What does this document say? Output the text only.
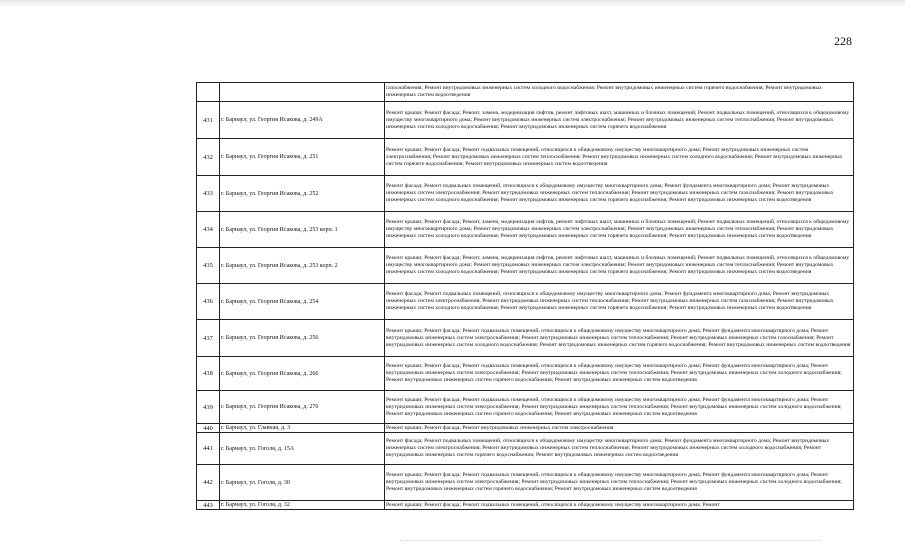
228
		газоснабжения; Ремонт внутридомовых инженерных систем холодного водоснабжения; Ремонт внутридомовых инженерных систем горячего водоснабжения; Ремонт внутридомовых инженерных систем водоотведения
431	г. Барнаул, ул. Георгия Исакова, д. 249А	Ремонт крыши; Ремонт фасада; Ремонт, замена, модернизация лифтов, ремонт лифтовых шахт, машинных и блочных помещений; Ремонт подвальных помещений, относящихся к общедомовому имуществу многоквартирного дома; Ремонт внутридомовых инженерных систем электроснабжения; Ремонт внутридомовых инженерных систем теплоснабжения; Ремонт внутридомовых инженерных систем холодного водоснабжения; Ремонт внутридомовых инженерных систем горячего водоснабжения
432	г. Барнаул, ул. Георгия Исакова, д. 251	Ремонт крыши; Ремонт фасада; Ремонт подвальных помещений, относящихся к общедомовому имуществу многоквартирного дома; Ремонт внутридомовых инженерных систем электроснабжения; Ремонт внутридомовых инженерных систем теплоснабжения; Ремонт внутридомовых инженерных систем холодного водоснабжения; Ремонт внутридомовых инженерных систем горячего водоснабжения; Ремонт внутридомовых инженерных систем водоотведения
433	г. Барнаул, ул. Георгия Исакова, д. 252	Ремонт фасада; Ремонт подвальных помещений, относящихся к общедомовому имуществу многоквартирного дома; Ремонт фундамента многоквартирного дома; Ремонт внутридомовых инженерных систем электроснабжения; Ремонт внутридомовых инженерных систем теплоснабжения; Ремонт внутридомовых инженерных систем газоснабжения; Ремонт внутридомовых инженерных систем холодного водоснабжения; Ремонт внутридомовых инженерных систем горячего водоснабжения; Ремонт внутридомовых инженерных систем водоотведения
434	г. Барнаул, ул. Георгия Исакова, д. 253 корп. 1	Ремонт крыши; Ремонт фасада; Ремонт, замена, модернизация лифтов, ремонт лифтовых шахт, машинных и блочных помещений; Ремонт подвальных помещений, относящихся к общедомовому имуществу многоквартирного дома; Ремонт внутридомовых инженерных систем электроснабжения; Ремонт внутридомовых инженерных систем теплоснабжения; Ремонт внутридомовых инженерных систем холодного водоснабжения; Ремонт внутридомовых инженерных систем горячего водоснабжения; Ремонт внутридомовых инженерных систем водоотведения
435	г. Барнаул, ул. Георгия Исакова, д. 253 корп. 2	Ремонт крыши; Ремонт фасада; Ремонт, замена, модернизация лифтов, ремонт лифтовых шахт, машинных и блочных помещений; Ремонт подвальных помещений, относящихся к общедомовому имуществу многоквартирного дома; Ремонт внутридомовых инженерных систем электроснабжения; Ремонт внутридомовых инженерных систем теплоснабжения; Ремонт внутридомовых инженерных систем холодного водоснабжения; Ремонт внутридомовых инженерных систем горячего водоснабжения; Ремонт внутридомовых инженерных систем водоотведения
436	г. Барнаул, ул. Георгия Исакова, д. 254	Ремонт фасада; Ремонт подвальных помещений, относящихся к общедомовому имуществу многоквартирного дома; Ремонт фундамента многоквартирного дома; Ремонт внутридомовых инженерных систем электроснабжения; Ремонт внутридомовых инженерных систем теплоснабжения; Ремонт внутридомовых инженерных систем газоснабжения; Ремонт внутридомовых инженерных систем холодного водоснабжения; Ремонт внутридомовых инженерных систем горячего водоснабжения; Ремонт внутридомовых инженерных систем водоотведения
437	г. Барнаул, ул. Георгия Исакова, д. 256	Ремонт крыши; Ремонт фасада; Ремонт подвальных помещений, относящихся к общедомовому имуществу многоквартирного дома; Ремонт фундамента многоквартирного дома; Ремонт внутридомовых инженерных систем электроснабжения; Ремонт внутридомовых инженерных систем теплоснабжения; Ремонт внутридомовых инженерных систем газоснабжения; Ремонт внутридомовых инженерных систем холодного водоснабжения; Ремонт внутридомовых инженерных систем горячего водоснабжения; Ремонт внутридомовых инженерных систем водоотведения
438	г. Барнаул, ул. Георгия Исакова, д. 266	Ремонт крыши; Ремонт фасада; Ремонт подвальных помещений, относящихся к общедомовому имуществу многоквартирного дома; Ремонт фундамента многоквартирного дома; Ремонт внутридомовых инженерных систем электроснабжения; Ремонт внутридомовых инженерных систем теплоснабжения; Ремонт внутридомовых инженерных систем холодного водоснабжения; Ремонт внутридомовых инженерных систем горячего водоснабжения; Ремонт внутридомовых инженерных систем водоотведения
439	г. Барнаул, ул. Георгия Исакова, д. 270	Ремонт крыши; Ремонт фасада; Ремонт подвальных помещений, относящихся к общедомовому имуществу многоквартирного дома; Ремонт фундамента многоквартирного дома; Ремонт внутридомовых инженерных систем электроснабжения; Ремонт внутридомовых инженерных систем теплоснабжения; Ремонт внутридомовых инженерных систем холодного водоснабжения; Ремонт внутридомовых инженерных систем горячего водоснабжения; Ремонт внутридомовых инженерных систем водоотведения
440	г. Барнаул, ул. Главная, д. 3	Ремонт крыши; Ремонт фасада; Ремонт внутридомовых инженерных систем электроснабжения
441	г. Барнаул, ул. Гоголя, д. 15А	Ремонт фасада; Ремонт подвальных помещений, относящихся к общедомовому имуществу многоквартирного дома; Ремонт фундамента многоквартирного дома; Ремонт внутридомовых инженерных систем электроснабжения; Ремонт внутридомовых инженерных систем теплоснабжения; Ремонт внутридомовых инженерных систем холодного водоснабжения; Ремонт внутридомовых инженерных систем горячего водоснабжения; Ремонт внутридомовых инженерных систем водоотведения
442	г. Барнаул, ул. Гоголя, д. 30	Ремонт крыши; Ремонт фасада; Ремонт подвальных помещений, относящихся к общедомовому имуществу многоквартирного дома; Ремонт фундамента многоквартирного дома; Ремонт внутридомовых инженерных систем электроснабжения; Ремонт внутридомовых инженерных систем теплоснабжения; Ремонт внутридомовых инженерных систем холодного водоснабжения; Ремонт внутридомовых инженерных систем горячего водоснабжения; Ремонт внутридомовых инженерных систем водоотведения
443	г. Барнаул, ул. Гоголя, д. 32	Ремонт крыши; Ремонт фасада; Ремонт подвальных помещений, относящихся к общедомовому имуществу многоквартирного дома; Ремонт
